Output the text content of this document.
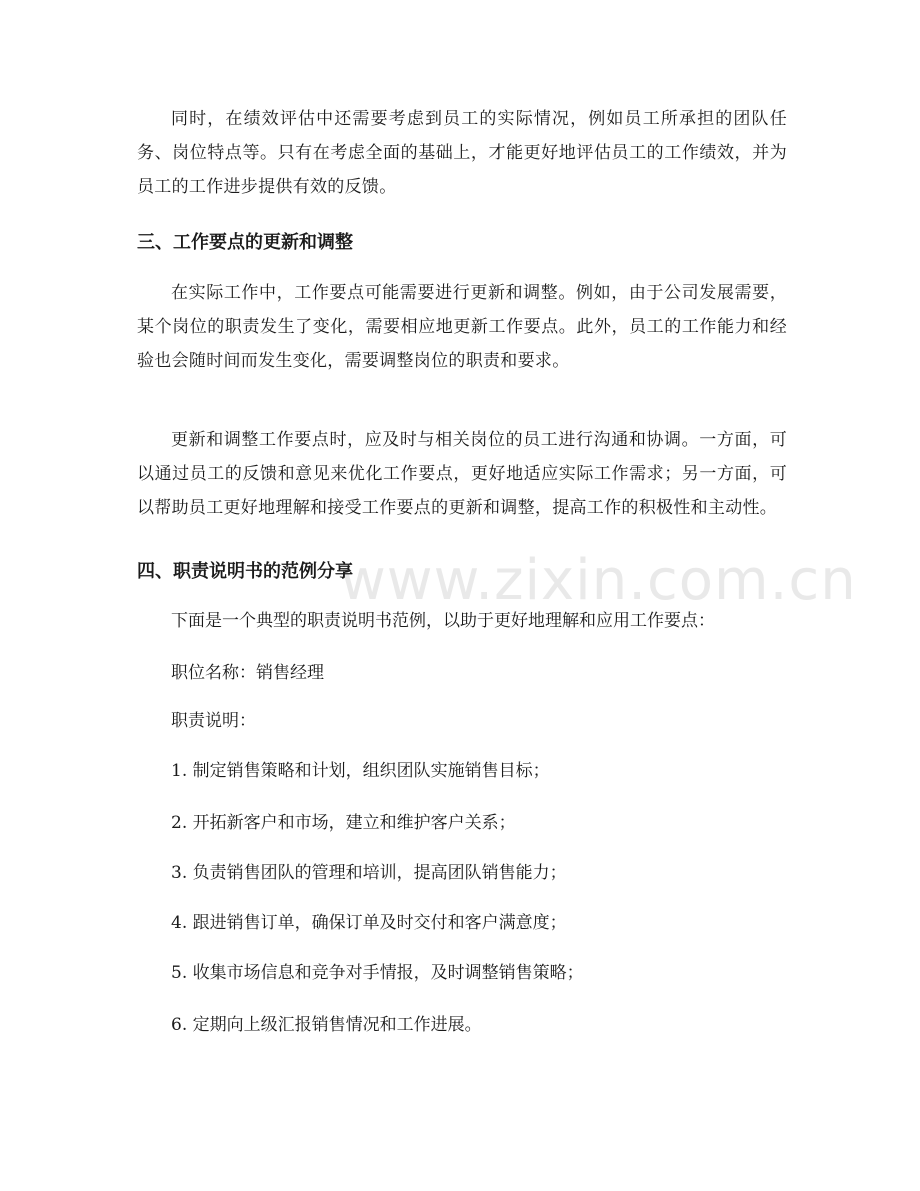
www.zixin.com.cn

同时，在绩效评估中还需要考虑到员工的实际情况，例如员工所承担的团队任务、岗位特点等。只有在考虑全面的基础上，才能更好地评估员工的工作绩效，并为员工的工作进步提供有效的反馈。

三、工作要点的更新和调整

在实际工作中，工作要点可能需要进行更新和调整。例如，由于公司发展需要，某个岗位的职责发生了变化，需要相应地更新工作要点。此外，员工的工作能力和经验也会随时间而发生变化，需要调整岗位的职责和要求。

更新和调整工作要点时，应及时与相关岗位的员工进行沟通和协调。一方面，可以通过员工的反馈和意见来优化工作要点，更好地适应实际工作需求；另一方面，可以帮助员工更好地理解和接受工作要点的更新和调整，提高工作的积极性和主动性。

四、职责说明书的范例分享

下面是一个典型的职责说明书范例，以助于更好地理解和应用工作要点：

职位名称：销售经理

职责说明：

1. 制定销售策略和计划，组织团队实施销售目标；

2. 开拓新客户和市场，建立和维护客户关系；

3. 负责销售团队的管理和培训，提高团队销售能力；

4. 跟进销售订单，确保订单及时交付和客户满意度；

5. 收集市场信息和竞争对手情报，及时调整销售策略；

6. 定期向上级汇报销售情况和工作进展。
